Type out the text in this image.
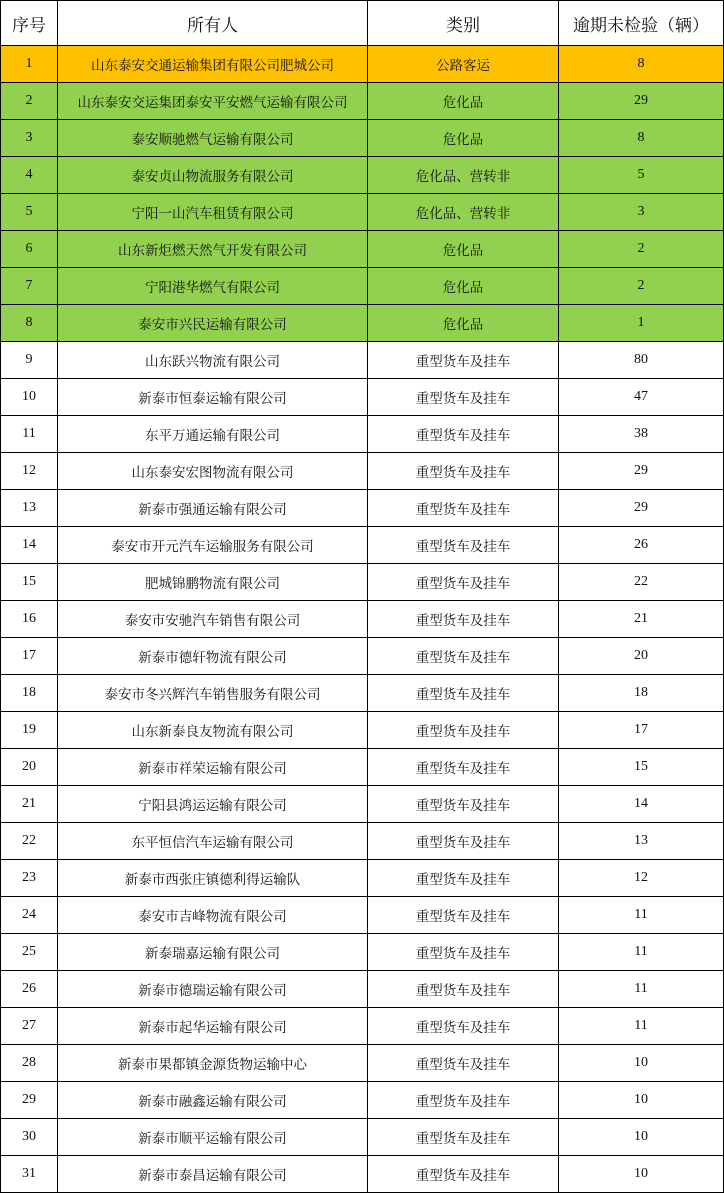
序号	所有人	类别	逾期未检验（辆）
1	山东泰安交通运输集团有限公司肥城公司	公路客运	8
2	山东泰安交运集团泰安平安燃气运输有限公司	危化品	29
3	泰安顺驰燃气运输有限公司	危化品	8
4	泰安贞山物流服务有限公司	危化品、营转非	5
5	宁阳一山汽车租赁有限公司	危化品、营转非	3
6	山东新炬燃天然气开发有限公司	危化品	2
7	宁阳港华燃气有限公司	危化品	2
8	泰安市兴民运输有限公司	危化品	1
9	山东跃兴物流有限公司	重型货车及挂车	80
10	新泰市恒泰运输有限公司	重型货车及挂车	47
11	东平万通运输有限公司	重型货车及挂车	38
12	山东泰安宏图物流有限公司	重型货车及挂车	29
13	新泰市强通运输有限公司	重型货车及挂车	29
14	泰安市开元汽车运输服务有限公司	重型货车及挂车	26
15	肥城锦鹏物流有限公司	重型货车及挂车	22
16	泰安市安驰汽车销售有限公司	重型货车及挂车	21
17	新泰市德轩物流有限公司	重型货车及挂车	20
18	泰安市冬兴辉汽车销售服务有限公司	重型货车及挂车	18
19	山东新泰良友物流有限公司	重型货车及挂车	17
20	新泰市祥荣运输有限公司	重型货车及挂车	15
21	宁阳县鸿运运输有限公司	重型货车及挂车	14
22	东平恒信汽车运输有限公司	重型货车及挂车	13
23	新泰市西张庄镇德利得运输队	重型货车及挂车	12
24	泰安市吉峰物流有限公司	重型货车及挂车	11
25	新泰瑞嘉运输有限公司	重型货车及挂车	11
26	新泰市德瑞运输有限公司	重型货车及挂车	11
27	新泰市起华运输有限公司	重型货车及挂车	11
28	新泰市果都镇金源货物运输中心	重型货车及挂车	10
29	新泰市融鑫运输有限公司	重型货车及挂车	10
30	新泰市顺平运输有限公司	重型货车及挂车	10
31	新泰市泰昌运输有限公司	重型货车及挂车	10
